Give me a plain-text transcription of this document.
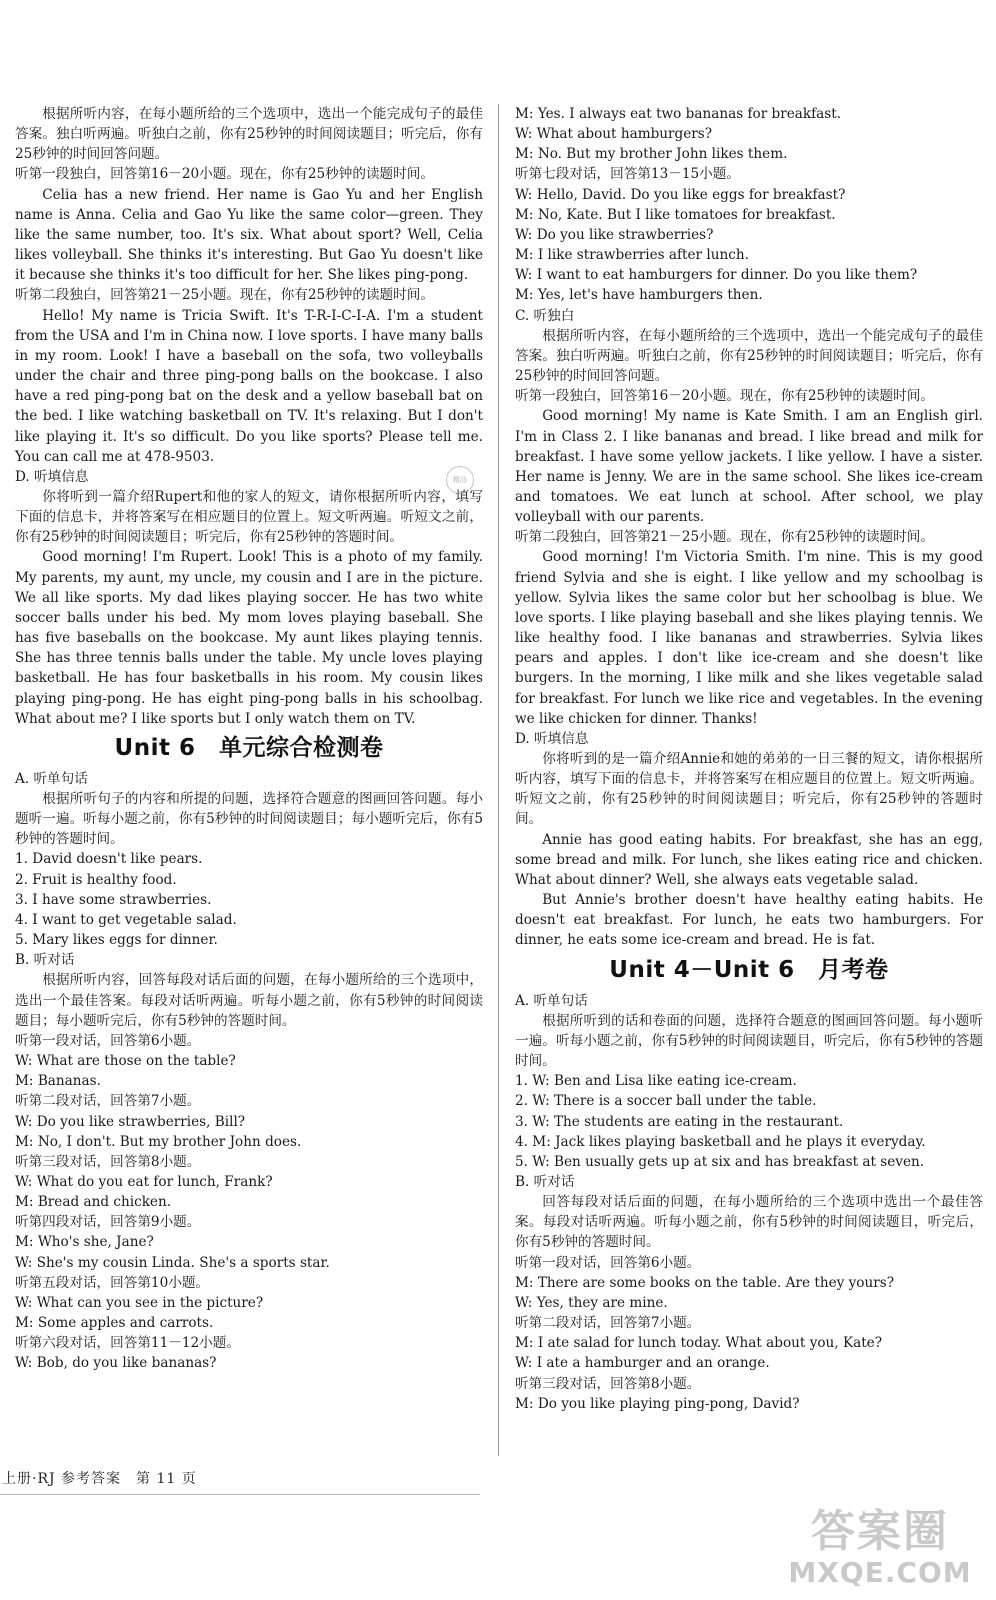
根据所听内容，在每小题所给的三个选项中，选出一个能完成句子的最佳答案。独白听两遍。听独白之前，你有25秒钟的时间阅读题目；听完后，你有25秒钟的时间回答问题。
听第一段独白，回答第16－20小题。现在，你有25秒钟的读题时间。
Celia has a new friend. Her name is Gao Yu and her English name is Anna. Celia and Gao Yu like the same color—green. They like the same number, too. It's six. What about sport? Well, Celia likes volleyball. She thinks it's interesting. But Gao Yu doesn't like it because she thinks it's too difficult for her. She likes ping-pong.
听第二段独白，回答第21－25小题。现在，你有25秒钟的读题时间。
Hello! My name is Tricia Swift. It's T-R-I-C-I-A. I'm a student from the USA and I'm in China now. I love sports. I have many balls in my room. Look! I have a baseball on the sofa, two volleyballs under the chair and three ping-pong balls on the bookcase. I also have a red ping-pong bat on the desk and a yellow baseball bat on the bed. I like watching basketball on TV. It's relaxing. But I don't like playing it. It's so difficult. Do you like sports? Please tell me. You can call me at 478-9503.
D. 听填信息
你将听到一篇介绍Rupert和他的家人的短文，请你根据所听内容，填写下面的信息卡，并将答案写在相应题目的位置上。短文听两遍。听短文之前，你有25秒钟的时间阅读题目；听完后，你有25秒钟的答题时间。
Good morning! I'm Rupert. Look! This is a photo of my family. My parents, my aunt, my uncle, my cousin and I are in the picture. We all like sports. My dad likes playing soccer. He has two white soccer balls under his bed. My mom loves playing baseball. She has five baseballs on the bookcase. My aunt likes playing tennis. She has three tennis balls under the table. My uncle loves playing basketball. He has four basketballs in his room. My cousin likes playing ping-pong. He has eight ping-pong balls in his schoolbag. What about me? I like sports but I only watch them on TV.
Unit 6　单元综合检测卷
A. 听单句话
根据所听句子的内容和所提的问题，选择符合题意的图画回答问题。每小题听一遍。听每小题之前，你有5秒钟的时间阅读题目；每小题听完后，你有5秒钟的答题时间。
1. David doesn't like pears.
2. Fruit is healthy food.
3. I have some strawberries.
4. I want to get vegetable salad.
5. Mary likes eggs for dinner.
B. 听对话
根据所听内容，回答每段对话后面的问题，在每小题所给的三个选项中，选出一个最佳答案。每段对话听两遍。听每小题之前，你有5秒钟的时间阅读题目；每小题听完后，你有5秒钟的答题时间。
听第一段对话，回答第6小题。
W: What are those on the table?
M: Bananas.
听第二段对话，回答第7小题。
W: Do you like strawberries, Bill?
M: No, I don't. But my brother John does.
听第三段对话，回答第8小题。
W: What do you eat for lunch, Frank?
M: Bread and chicken.
听第四段对话，回答第9小题。
M: Who's she, Jane?
W: She's my cousin Linda. She's a sports star.
听第五段对话，回答第10小题。
W: What can you see in the picture?
M: Some apples and carrots.
听第六段对话，回答第11－12小题。
W: Bob, do you like bananas?
M: Yes. I always eat two bananas for breakfast.
W: What about hamburgers?
M: No. But my brother John likes them.
听第七段对话，回答第13－15小题。
W: Hello, David. Do you like eggs for breakfast?
M: No, Kate. But I like tomatoes for breakfast.
W: Do you like strawberries?
M: I like strawberries after lunch.
W: I want to eat hamburgers for dinner. Do you like them?
M: Yes, let's have hamburgers then.
C. 听独白
根据所听内容，在每小题所给的三个选项中，选出一个能完成句子的最佳答案。独白听两遍。听独白之前，你有25秒钟的时间阅读题目；听完后，你有25秒钟的时间回答问题。
听第一段独白，回答第16－20小题。现在，你有25秒钟的读题时间。
Good morning! My name is Kate Smith. I am an English girl. I'm in Class 2. I like bananas and bread. I like bread and milk for breakfast. I have some yellow jackets. I like yellow. I have a sister. Her name is Jenny. We are in the same school. She likes ice-cream and tomatoes. We eat lunch at school. After school, we play volleyball with our parents.
听第二段独白，回答第21－25小题。现在，你有25秒钟的读题时间。
Good morning! I'm Victoria Smith. I'm nine. This is my good friend Sylvia and she is eight. I like yellow and my schoolbag is yellow. Sylvia likes the same color but her schoolbag is blue. We love sports. I like playing baseball and she likes playing tennis. We like healthy food. I like bananas and strawberries. Sylvia likes pears and apples. I don't like ice-cream and she doesn't like burgers. In the morning, I like milk and she likes vegetable salad for breakfast. For lunch we like rice and vegetables. In the evening we like chicken for dinner. Thanks!
D. 听填信息
你将听到的是一篇介绍Annie和她的弟弟的一日三餐的短文，请你根据所听内容，填写下面的信息卡，并将答案写在相应题目的位置上。短文听两遍。听短文之前，你有25秒钟的时间阅读题目；听完后，你有25秒钟的答题时间。
Annie has good eating habits. For breakfast, she has an egg, some bread and milk. For lunch, she likes eating rice and chicken. What about dinner? Well, she always eats vegetable salad.
But Annie's brother doesn't have healthy eating habits. He doesn't eat breakfast. For lunch, he eats two hamburgers. For dinner, he eats some ice-cream and bread. He is fat.
Unit 4－Unit 6　月考卷
A. 听单句话
根据所听到的话和卷面的问题，选择符合题意的图画回答问题。每小题听一遍。听每小题之前，你有5秒钟的时间阅读题目，听完后，你有5秒钟的答题时间。
1. W: Ben and Lisa like eating ice-cream.
2. W: There is a soccer ball under the table.
3. W: The students are eating in the restaurant.
4. M: Jack likes playing basketball and he plays it everyday.
5. W: Ben usually gets up at six and has breakfast at seven.
B. 听对话
回答每段对话后面的问题，在每小题所给的三个选项中选出一个最佳答案。每段对话听两遍。听每小题之前，你有5秒钟的时间阅读题目，听完后，你有5秒钟的答题时间。
听第一段对话，回答第6小题。
M: There are some books on the table. Are they yours?
W: Yes, they are mine.
听第二段对话，回答第7小题。
M: I ate salad for lunch today. What about you, Kate?
W: I ate a hamburger and an orange.
听第三段对话，回答第8小题。
M: Do you like playing ping-pong, David?
精品
上册·RJ 参考答案　第 11 页
答案圈
MXQE.COM
